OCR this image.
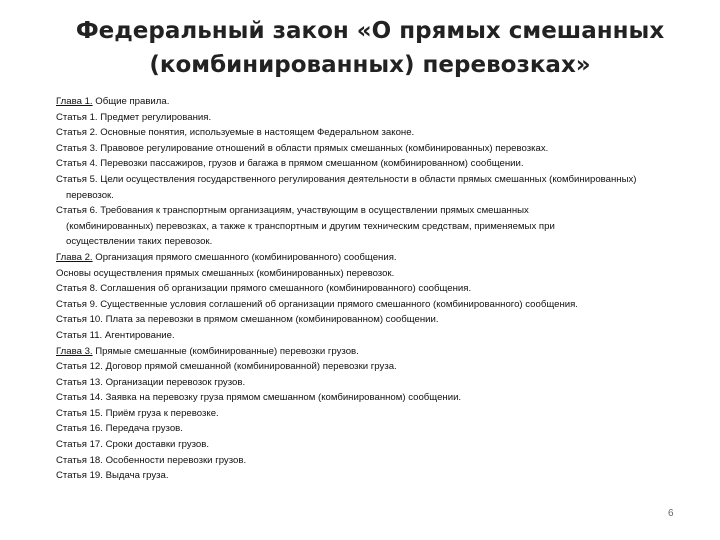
Федеральный закон «О прямых смешанных
(комбинированных) перевозках»
Глава 1. Общие правила.
Статья 1. Предмет регулирования.
Статья 2. Основные понятия, используемые в настоящем Федеральном законе.
Статья 3. Правовое регулирование отношений в области прямых смешанных (комбинированных) перевозках.
Статья 4. Перевозки пассажиров, грузов и багажа в прямом смешанном (комбинированном) сообщении.
Статья 5. Цели осуществления государственного регулирования деятельности в области прямых смешанных (комбинированных)
перевозок.
Статья 6. Требования к транспортным организациям, участвующим в осуществлении прямых смешанных
(комбинированных) перевозках, а также к транспортным и другим техническим средствам, применяемых при
осуществлении таких перевозок.
Глава 2. Организация прямого смешанного (комбинированного) сообщения.
Основы осуществления прямых смешанных (комбинированных) перевозок.
Статья 8. Соглашения об организации прямого смешанного (комбинированного) сообщения.
Статья 9. Существенные условия соглашений об организации прямого смешанного (комбинированного) сообщения.
Статья 10. Плата за перевозки в прямом смешанном (комбинированном) сообщении.
Статья 11. Агентирование.
Глава 3. Прямые смешанные (комбинированные) перевозки грузов.
Статья 12. Договор прямой смешанной (комбинированной) перевозки груза.
Статья 13. Организации перевозок грузов.
Статья 14. Заявка на перевозку груза прямом смешанном (комбинированном) сообщении.
Статья 15. Приём груза к перевозке.
Статья 16. Передача грузов.
Статья 17. Сроки доставки грузов.
Статья 18. Особенности перевозки грузов.
Статья 19. Выдача груза.
6
